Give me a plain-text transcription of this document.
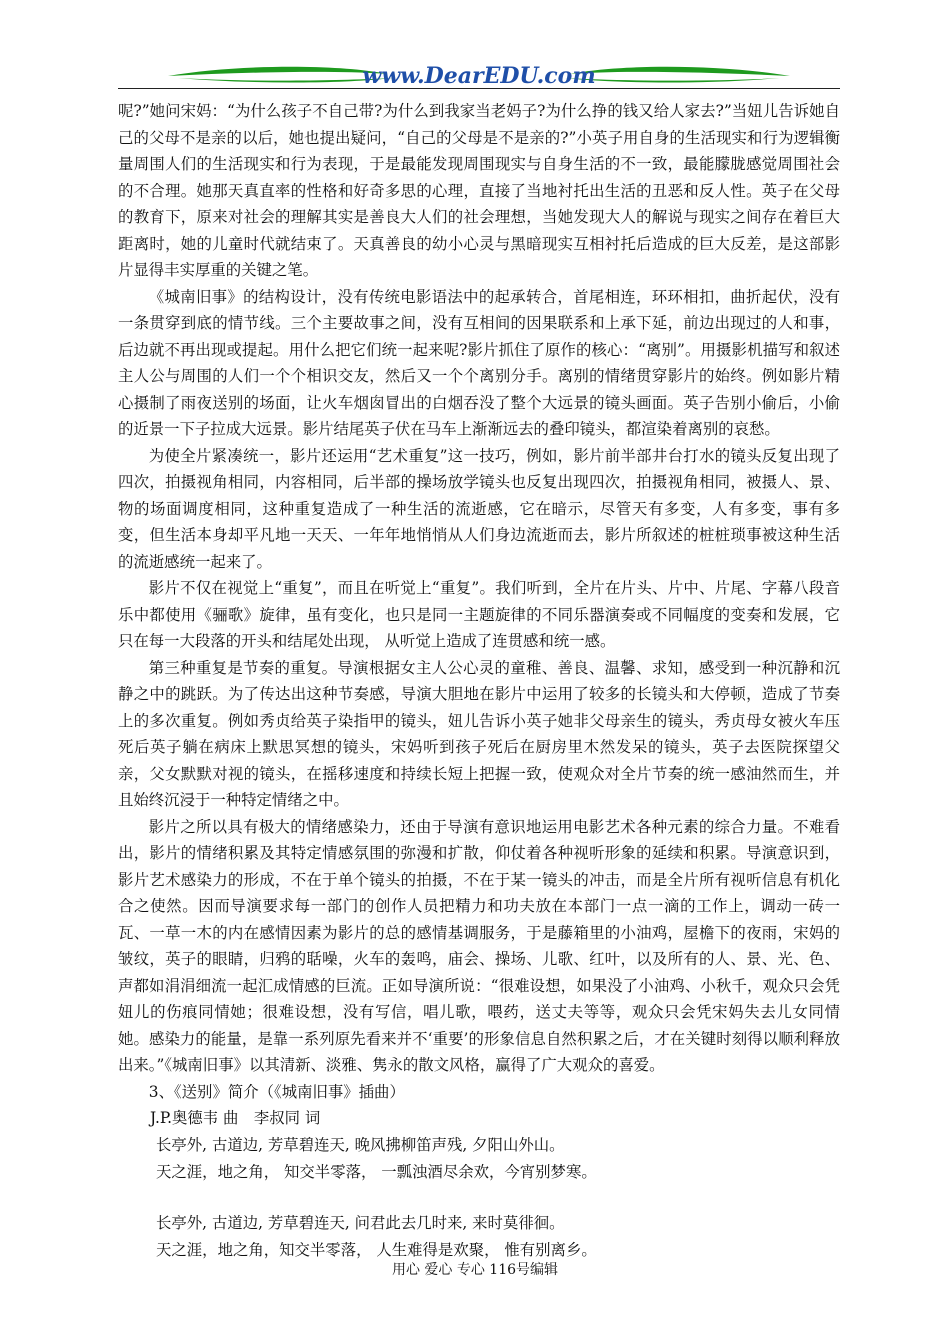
www.DearEDU.com

呢?”她问宋妈：“为什么孩子不自己带?为什么到我家当老妈子?为什么挣的钱又给人家去?”当妞儿告诉她自己的父母不是亲的以后，她也提出疑问，“自己的父母是不是亲的?”小英子用自身的生活现实和行为逻辑衡量周围人们的生活现实和行为表现，于是最能发现周围现实与自身生活的不一致，最能朦胧感觉周围社会的不合理。她那天真直率的性格和好奇多思的心理，直接了当地衬托出生活的丑恶和反人性。英子在父母的教育下，原来对社会的理解其实是善良大人们的社会理想，当她发现大人的解说与现实之间存在着巨大距离时，她的儿童时代就结束了。天真善良的幼小心灵与黑暗现实互相衬托后造成的巨大反差，是这部影片显得丰实厚重的关键之笔。

《城南旧事》的结构设计，没有传统电影语法中的起承转合，首尾相连，环环相扣，曲折起伏，没有一条贯穿到底的情节线。三个主要故事之间，没有互相间的因果联系和上承下延，前边出现过的人和事，后边就不再出现或提起。用什么把它们统一起来呢?影片抓住了原作的核心：“离别”。用摄影机描写和叙述主人公与周围的人们一个个相识交友，然后又一个个离别分手。离别的情绪贯穿影片的始终。例如影片精心摄制了雨夜送别的场面，让火车烟囱冒出的白烟吞没了整个大远景的镜头画面。英子告别小偷后，小偷的近景一下子拉成大远景。影片结尾英子伏在马车上渐渐远去的叠印镜头，都渲染着离别的哀愁。

为使全片紧凑统一，影片还运用“艺术重复”这一技巧，例如，影片前半部井台打水的镜头反复出现了四次，拍摄视角相同，内容相同，后半部的操场放学镜头也反复出现四次，拍摄视角相同，被摄人、景、物的场面调度相同，这种重复造成了一种生活的流逝感，它在暗示，尽管天有多变，人有多变，事有多变，但生活本身却平凡地一天天、一年年地悄悄从人们身边流逝而去，影片所叙述的桩桩琐事被这种生活的流逝感统一起来了。

影片不仅在视觉上“重复”，而且在听觉上“重复”。我们听到，全片在片头、片中、片尾、字幕八段音乐中都使用《骊歌》旋律，虽有变化，也只是同一主题旋律的不同乐器演奏或不同幅度的变奏和发展，它只在每一大段落的开头和结尾处出现， 从听觉上造成了连贯感和统一感。

第三种重复是节奏的重复。导演根据女主人公心灵的童稚、善良、温馨、求知，感受到一种沉静和沉静之中的跳跃。为了传达出这种节奏感，导演大胆地在影片中运用了较多的长镜头和大停顿，造成了节奏上的多次重复。例如秀贞给英子染指甲的镜头，妞儿告诉小英子她非父母亲生的镜头，秀贞母女被火车压死后英子躺在病床上默思冥想的镜头，宋妈听到孩子死后在厨房里木然发呆的镜头，英子去医院探望父亲，父女默默对视的镜头，在摇移速度和持续长短上把握一致，使观众对全片节奏的统一感油然而生，并且始终沉浸于一种特定情绪之中。

影片之所以具有极大的情绪感染力，还由于导演有意识地运用电影艺术各种元素的综合力量。不难看出，影片的情绪积累及其特定情感氛围的弥漫和扩散，仰仗着各种视听形象的延续和积累。导演意识到，影片艺术感染力的形成，不在于单个镜头的拍摄，不在于某一镜头的冲击，而是全片所有视听信息有机化合之使然。因而导演要求每一部门的创作人员把精力和功夫放在本部门一点一滴的工作上，调动一砖一瓦、一草一木的内在感情因素为影片的总的感情基调服务，于是藤箱里的小油鸡，屋檐下的夜雨，宋妈的皱纹，英子的眼睛，归鸦的聒噪，火车的轰鸣，庙会、操场、儿歌、红叶，以及所有的人、景、光、色、声都如涓涓细流一起汇成情感的巨流。正如导演所说：“很难设想，如果没了小油鸡、小秋千，观众只会凭妞儿的伤痕同情她；很难设想，没有写信，唱儿歌，喂药，送丈夫等等，观众只会凭宋妈失去儿女同情她。感染力的能量，是靠一系列原先看来并不‘重要’的形象信息自然积累之后，才在关键时刻得以顺利释放出来。”《城南旧事》以其清新、淡雅、隽永的散文风格，赢得了广大观众的喜爱。

3、《送别》简介（《城南旧事》插曲）

J.P.奥德韦 曲　李叔同 词

长亭外, 古道边, 芳草碧连天, 晚风拂柳笛声残, 夕阳山外山。

天之涯，地之角， 知交半零落， 一瓢浊酒尽余欢，今宵别梦寒。

长亭外, 古道边, 芳草碧连天, 问君此去几时来, 来时莫徘徊。

天之涯，地之角，知交半零落， 人生难得是欢聚， 惟有别离乡。

用心 爱心 专心 116号编辑
